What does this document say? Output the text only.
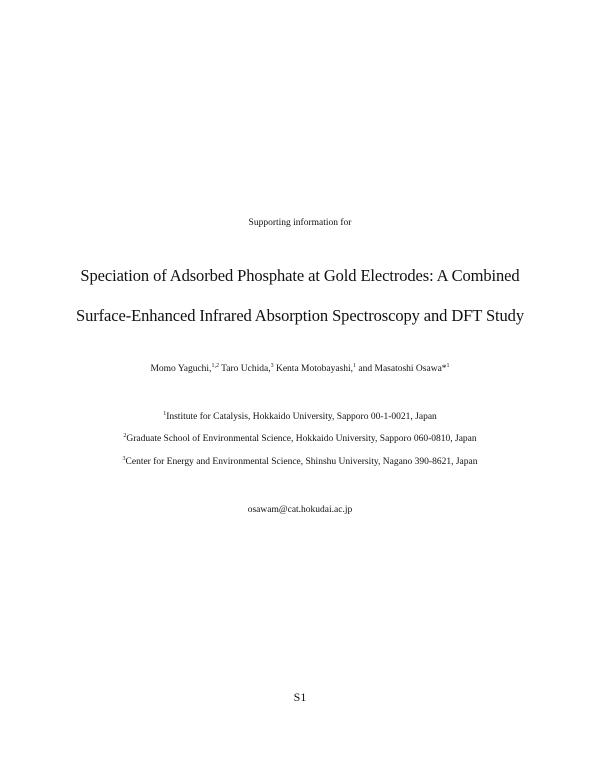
Supporting information for
Speciation of Adsorbed Phosphate at Gold Electrodes: A Combined
Surface-Enhanced Infrared Absorption Spectroscopy and DFT Study
Momo Yaguchi,$^{1,2}$ Taro Uchida,$^3$ Kenta Motobayashi,$^1$ and Masatoshi Osawa*$^1$
$^1$Institute for Catalysis, Hokkaido University, Sapporo 00-1-0021, Japan
$^2$Graduate School of Environmental Science, Hokkaido University, Sapporo 060-0810, Japan
$^3$Center for Energy and Environmental Science, Shinshu University, Nagano 390-8621, Japan
osawam@cat.hokudai.ac.jp
S1
